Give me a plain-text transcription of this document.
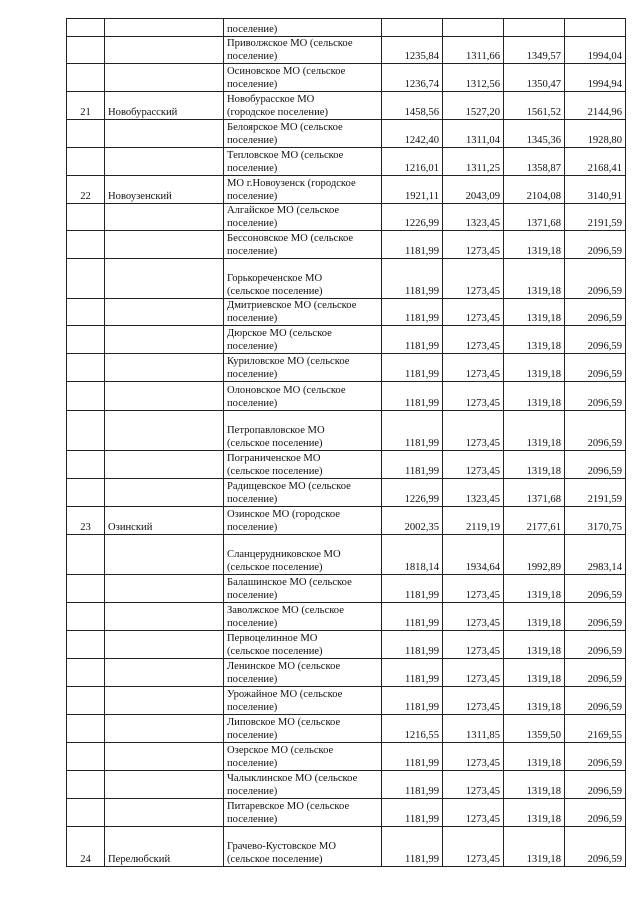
		поселение)				

		Приволжское МО (сельское
поселение)	1235,84	1311,66	1349,57	1994,04

		Осиновское МО (сельское
поселение)	1236,74	1312,56	1350,47	1994,94
21	Новобурасский	Новобурасское МО
(городское поселение)	1458,56	1527,20	1561,52	2144,96

		Белоярское МО (сельское
поселение)	1242,40	1311,04	1345,36	1928,80

		Тепловское МО (сельское
поселение)	1216,01	1311,25	1358,87	2168,41
22	Новоузенский	МО г.Новоузенск (городское
поселение)	1921,11	2043,09	2104,08	3140,91

		Алгайское МО (сельское
поселение)	1226,99	1323,45	1371,68	2191,59

		Бессоновское МО (сельское
поселение)	1181,99	1273,45	1319,18	2096,59

		Горькореченское МО
(сельское поселение)	1181,99	1273,45	1319,18	2096,59

		Дмитриевское МО (сельское
поселение)	1181,99	1273,45	1319,18	2096,59

		Дюрское МО (сельское
поселение)	1181,99	1273,45	1319,18	2096,59

		Куриловское МО (сельское
поселение)	1181,99	1273,45	1319,18	2096,59

		Олоновское МО (сельское
поселение)	1181,99	1273,45	1319,18	2096,59

		Петропавловское МО
(сельское поселение)	1181,99	1273,45	1319,18	2096,59

		Пограниченское МО
(сельское поселение)	1181,99	1273,45	1319,18	2096,59

		Радищевское МО (сельское
поселение)	1226,99	1323,45	1371,68	2191,59
23	Озинский	Озинское МО (городское
поселение)	2002,35	2119,19	2177,61	3170,75

		Сланцерудниковское МО
(сельское поселение)	1818,14	1934,64	1992,89	2983,14

		Балашинское МО (сельское
поселение)	1181,99	1273,45	1319,18	2096,59

		Заволжское МО (сельское
поселение)	1181,99	1273,45	1319,18	2096,59

		Первоцелинное МО
(сельское поселение)	1181,99	1273,45	1319,18	2096,59

		Ленинское МО (сельское
поселение)	1181,99	1273,45	1319,18	2096,59

		Урожайное МО (сельское
поселение)	1181,99	1273,45	1319,18	2096,59

		Липовское МО (сельское
поселение)	1216,55	1311,85	1359,50	2169,55

		Озерское МО (сельское
поселение)	1181,99	1273,45	1319,18	2096,59

		Чалыклинское МО (сельское
поселение)	1181,99	1273,45	1319,18	2096,59

		Питаревское МО (сельское
поселение)	1181,99	1273,45	1319,18	2096,59
24	Перелюбский	Грачево-Кустовское МО
(сельское поселение)	1181,99	1273,45	1319,18	2096,59
